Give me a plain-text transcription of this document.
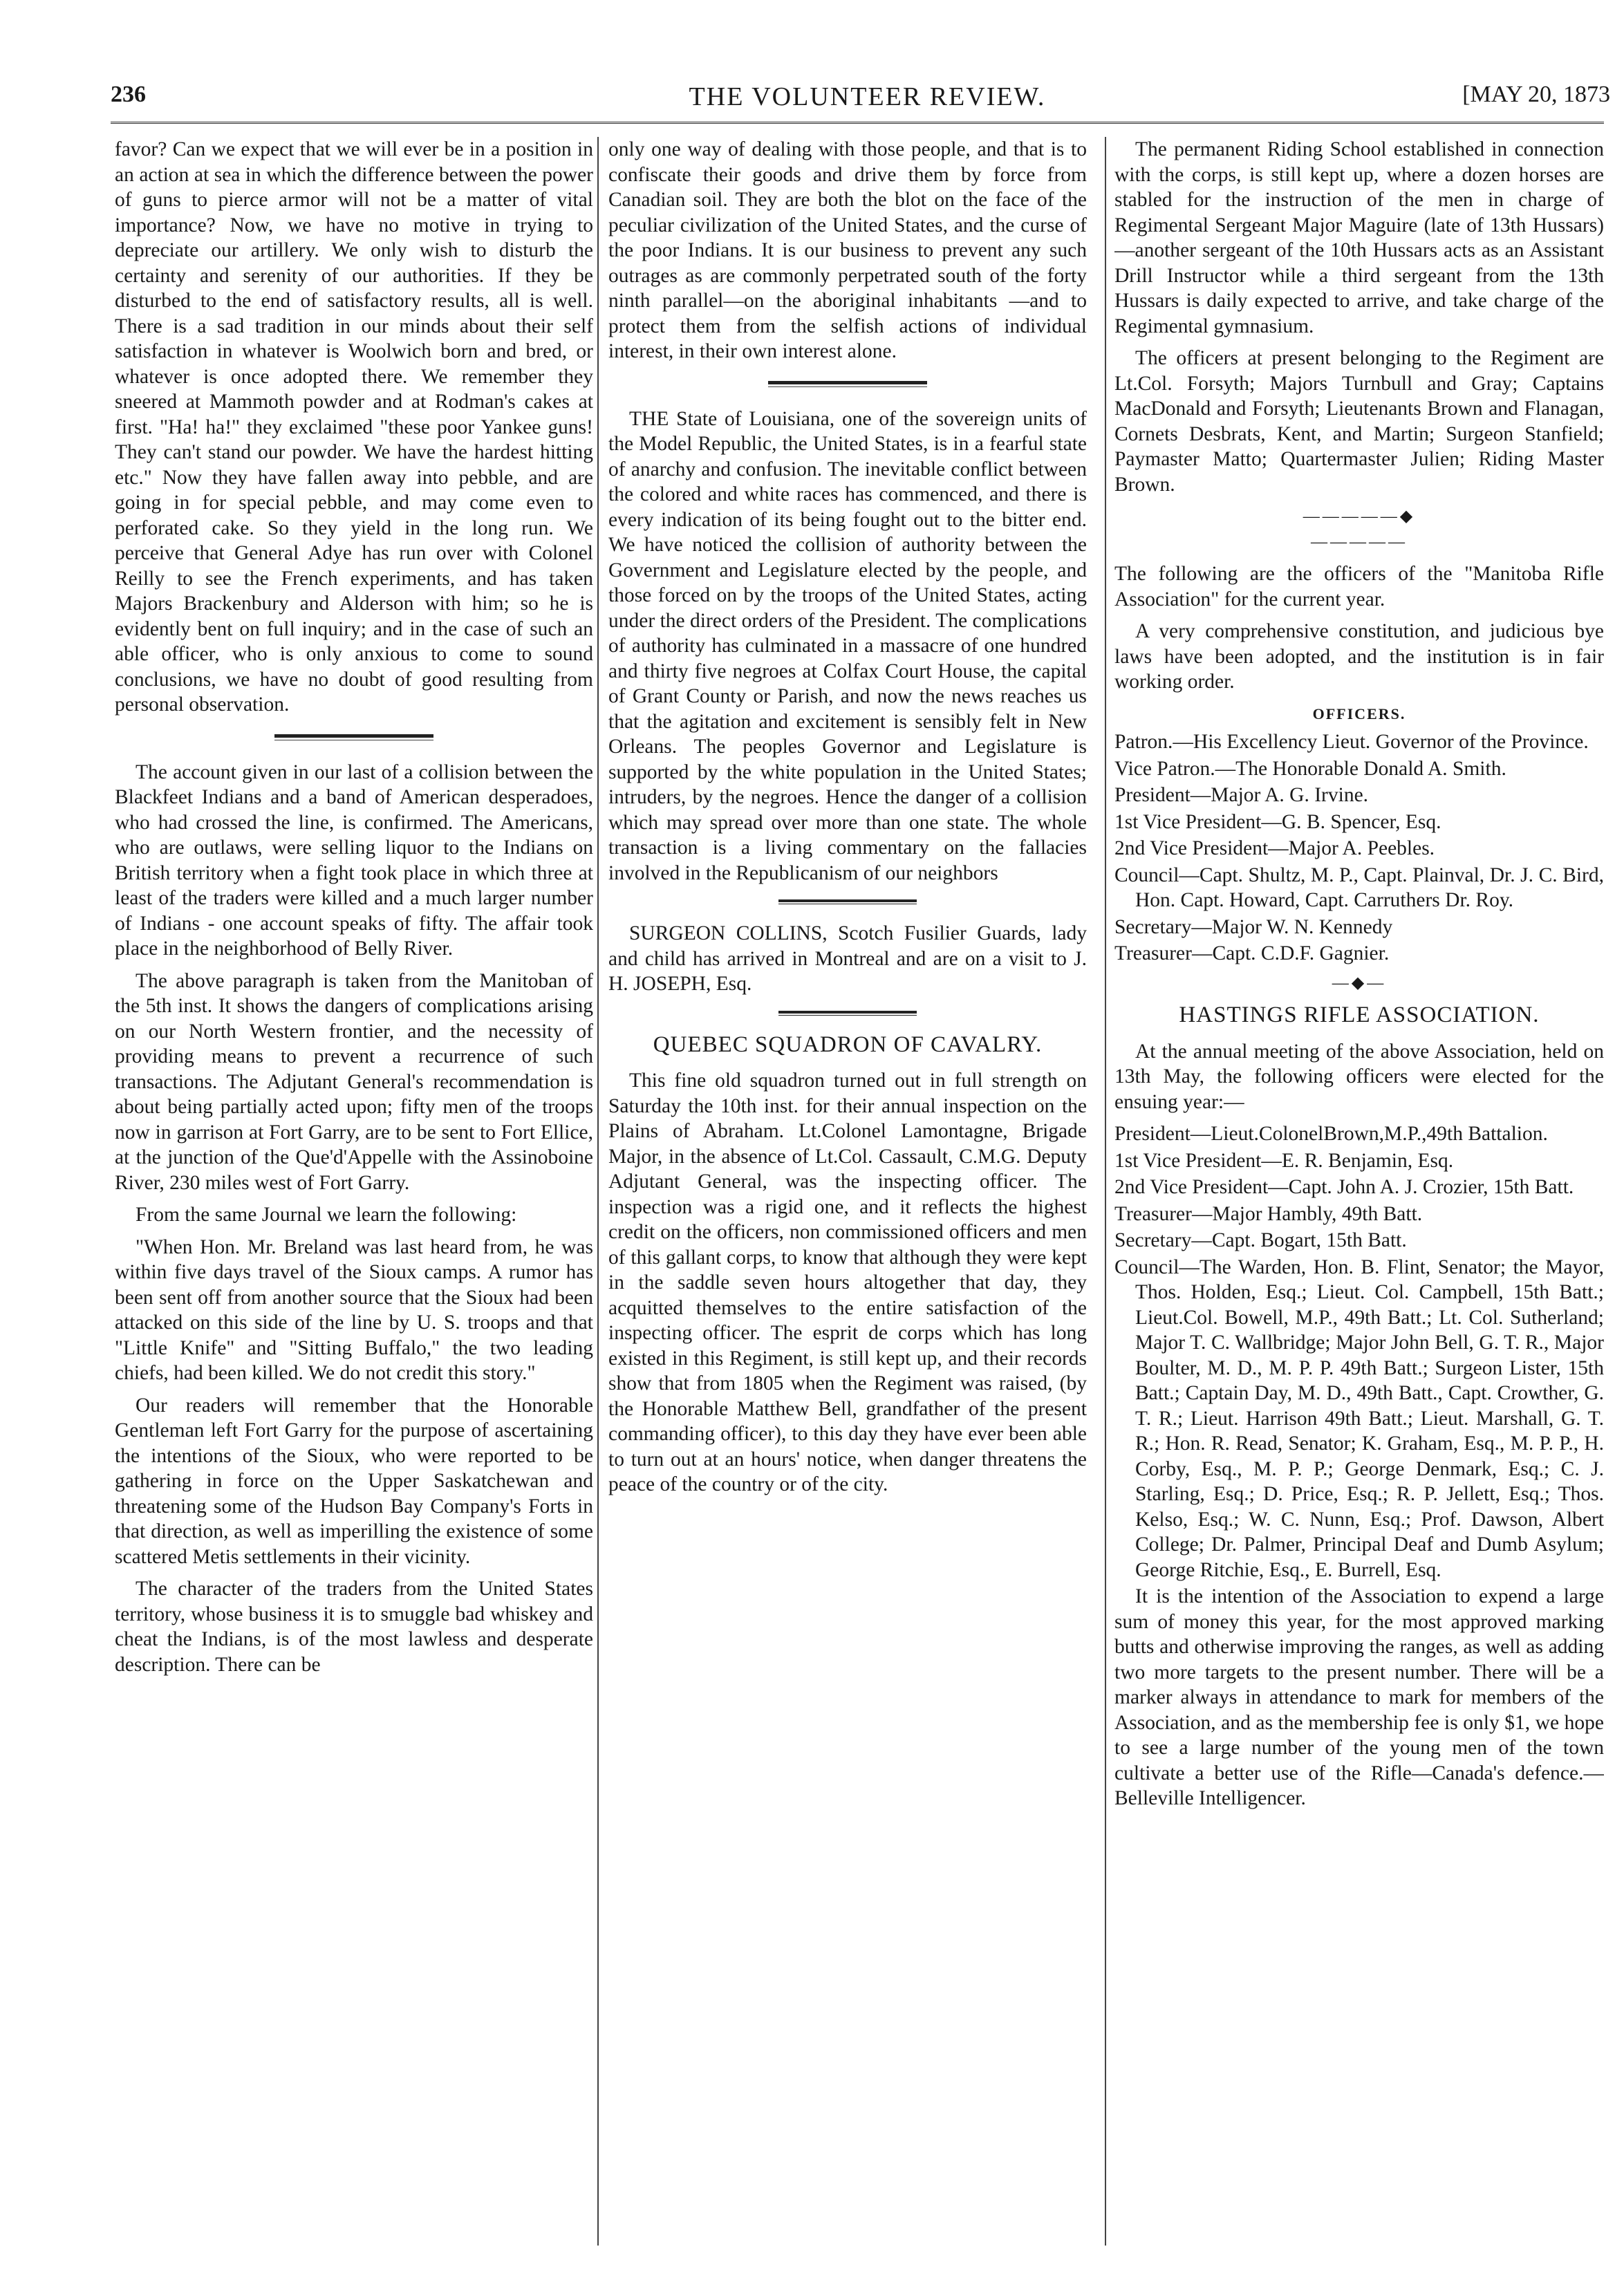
THE VOLUNTEER REVIEW.
236	[MAY 20, 1873

favor? Can we expect that we will ever be in a position in an action at sea in which the difference between the power of guns to pierce armor will not be a matter of vital importance? Now, we have no motive in trying to depreciate our artillery. We only wish to disturb the certainty and serenity of our authorities. If they be disturbed to the end of satisfactory results, all is well. There is a sad tradition in our minds about their self satisfaction in whatever is Woolwich born and bred, or whatever is once adopted there. We remember they sneered at Mammoth powder and at Rodman's cakes at first. "Ha! ha!" they exclaimed "these poor Yankee guns! They can't stand our powder. We have the hardest hitting etc." Now they have fallen away into pebble, and are going in for special pebble, and may come even to perforated cake. So they yield in the long run. We perceive that General Adye has run over with Colonel Reilly to see the French experiments, and has taken Majors Brackenbury and Alderson with him; so he is evidently bent on full inquiry; and in the case of such an able officer, who is only anxious to come to sound conclusions, we have no doubt of good resulting from personal observation.

The account given in our last of a collision between the Blackfeet Indians and a band of American desperadoes, who had crossed the line, is confirmed. The Americans, who are outlaws, were selling liquor to the Indians on British territory when a fight took place in which three at least of the traders were killed and a much larger number of Indians - one account speaks of fifty. The affair took place in the neighborhood of Belly River.

The above paragraph is taken from the Manitoban of the 5th inst. It shows the dangers of complications arising on our North Western frontier, and the necessity of providing means to prevent a recurrence of such transactions. The Adjutant General's recommendation is about being partially acted upon; fifty men of the troops now in garrison at Fort Garry, are to be sent to Fort Ellice, at the junction of the Que'd'Appelle with the Assinoboine River, 230 miles west of Fort Garry.

From the same Journal we learn the following:

"When Hon. Mr. Breland was last heard from, he was within five days travel of the Sioux camps. A rumor has been sent off from another source that the Sioux had been attacked on this side of the line by U. S. troops and that "Little Knife" and "Sitting Buffalo," the two leading chiefs, had been killed. We do not credit this story."

Our readers will remember that the Honorable Gentleman left Fort Garry for the purpose of ascertaining the intentions of the Sioux, who were reported to be gathering in force on the Upper Saskatchewan and threatening some of the Hudson Bay Company's Forts in that direction, as well as imperilling the existence of some scattered Metis settlements in their vicinity.

The character of the traders from the United States territory, whose business it is to smuggle bad whiskey and cheat the Indians, is of the most lawless and desperate description. There can be

only one way of dealing with those people, and that is to confiscate their goods and drive them by force from Canadian soil. They are both the blot on the face of the peculiar civilization of the United States, and the curse of the poor Indians. It is our business to prevent any such outrages as are commonly perpetrated south of the forty ninth parallel—on the aboriginal inhabitants —and to protect them from the selfish actions of individual interest, in their own interest alone.

THE State of Louisiana, one of the sovereign units of the Model Republic, the United States, is in a fearful state of anarchy and confusion. The inevitable conflict between the colored and white races has commenced, and there is every indication of its being fought out to the bitter end. We have noticed the collision of authority between the Government and Legislature elected by the people, and those forced on by the troops of the United States, acting under the direct orders of the President. The complications of authority has culminated in a massacre of one hundred and thirty five negroes at Colfax Court House, the capital of Grant County or Parish, and now the news reaches us that the agitation and excitement is sensibly felt in New Orleans. The peoples Governor and Legislature is supported by the white population in the United States; intruders, by the negroes. Hence the danger of a collision which may spread over more than one state. The whole transaction is a living commentary on the fallacies involved in the Republicanism of our neighbors

SURGEON COLLINS, Scotch Fusilier Guards, lady and child has arrived in Montreal and are on a visit to J. H. JOSEPH, Esq.

QUEBEC SQUADRON OF CAVALRY.

This fine old squadron turned out in full strength on Saturday the 10th inst. for their annual inspection on the Plains of Abraham. Lt.Colonel Lamontagne, Brigade Major, in the absence of Lt.Col. Cassault, C.M.G. Deputy Adjutant General, was the inspecting officer. The inspection was a rigid one, and it reflects the highest credit on the officers, non commissioned officers and men of this gallant corps, to know that although they were kept in the saddle seven hours altogether that day, they acquitted themselves to the entire satisfaction of the inspecting officer. The esprit de corps which has long existed in this Regiment, is still kept up, and their records show that from 1805 when the Regiment was raised, (by the Honorable Matthew Bell, grandfather of the present commanding officer), to this day they have ever been able to turn out at an hours' notice, when danger threatens the peace of the country or of the city.

The permanent Riding School established in connection with the corps, is still kept up, where a dozen horses are stabled for the instruction of the men in charge of Regimental Sergeant Major Maguire (late of 13th Hussars)—another sergeant of the 10th Hussars acts as an Assistant Drill Instructor while a third sergeant from the 13th Hussars is daily expected to arrive, and take charge of the Regimental gymnasium.

The officers at present belonging to the Regiment are Lt.Col. Forsyth; Majors Turnbull and Gray; Captains MacDonald and Forsyth; Lieutenants Brown and Flanagan, Cornets Desbrats, Kent, and Martin; Surgeon Stanfield; Paymaster Matto; Quartermaster Julien; Riding Master Brown.

—————◆—————

The following are the officers of the "Manitoba Rifle Association" for the current year.

A very comprehensive constitution, and judicious bye laws have been adopted, and the institution is in fair working order.

OFFICERS.

Patron.—His Excellency Lieut. Governor of the Province.

Vice Patron.—The Honorable Donald A. Smith.

President—Major A. G. Irvine.

1st Vice President—G. B. Spencer, Esq.

2nd Vice President—Major A. Peebles.

Council—Capt. Shultz, M. P., Capt. Plainval, Dr. J. C. Bird, Hon. Capt. Howard, Capt. Carruthers Dr. Roy.

Secretary—Major W. N. Kennedy

Treasurer—Capt. C.D.F. Gagnier.

—◆—
HASTINGS RIFLE ASSOCIATION.

At the annual meeting of the above Association, held on 13th May, the following officers were elected for the ensuing year:—

President—Lieut.ColonelBrown,M.P.,49th Battalion.

1st Vice President—E. R. Benjamin, Esq.

2nd Vice President—Capt. John A. J. Crozier, 15th Batt.

Treasurer—Major Hambly, 49th Batt.

Secretary—Capt. Bogart, 15th Batt.

Council—The Warden, Hon. B. Flint, Senator; the Mayor, Thos. Holden, Esq.; Lieut. Col. Campbell, 15th Batt.; Lieut.Col. Bowell, M.P., 49th Batt.; Lt. Col. Sutherland; Major T. C. Wallbridge; Major John Bell, G. T. R., Major Boulter, M. D., M. P. P. 49th Batt.; Surgeon Lister, 15th Batt.; Captain Day, M. D., 49th Batt., Capt. Crowther, G. T. R.; Lieut. Harrison 49th Batt.; Lieut. Marshall, G. T. R.; Hon. R. Read, Senator; K. Graham, Esq., M. P. P., H. Corby, Esq., M. P. P.; George Denmark, Esq.; C. J. Starling, Esq.; D. Price, Esq.; R. P. Jellett, Esq.; Thos. Kelso, Esq.; W. C. Nunn, Esq.; Prof. Dawson, Albert College; Dr. Palmer, Principal Deaf and Dumb Asylum; George Ritchie, Esq., E. Burrell, Esq.

It is the intention of the Association to expend a large sum of money this year, for the most approved marking butts and otherwise improving the ranges, as well as adding two more targets to the present number. There will be a marker always in attendance to mark for members of the Association, and as the membership fee is only $1, we hope to see a large number of the young men of the town cultivate a better use of the Rifle—Canada's defence.—Belleville Intelligencer.
